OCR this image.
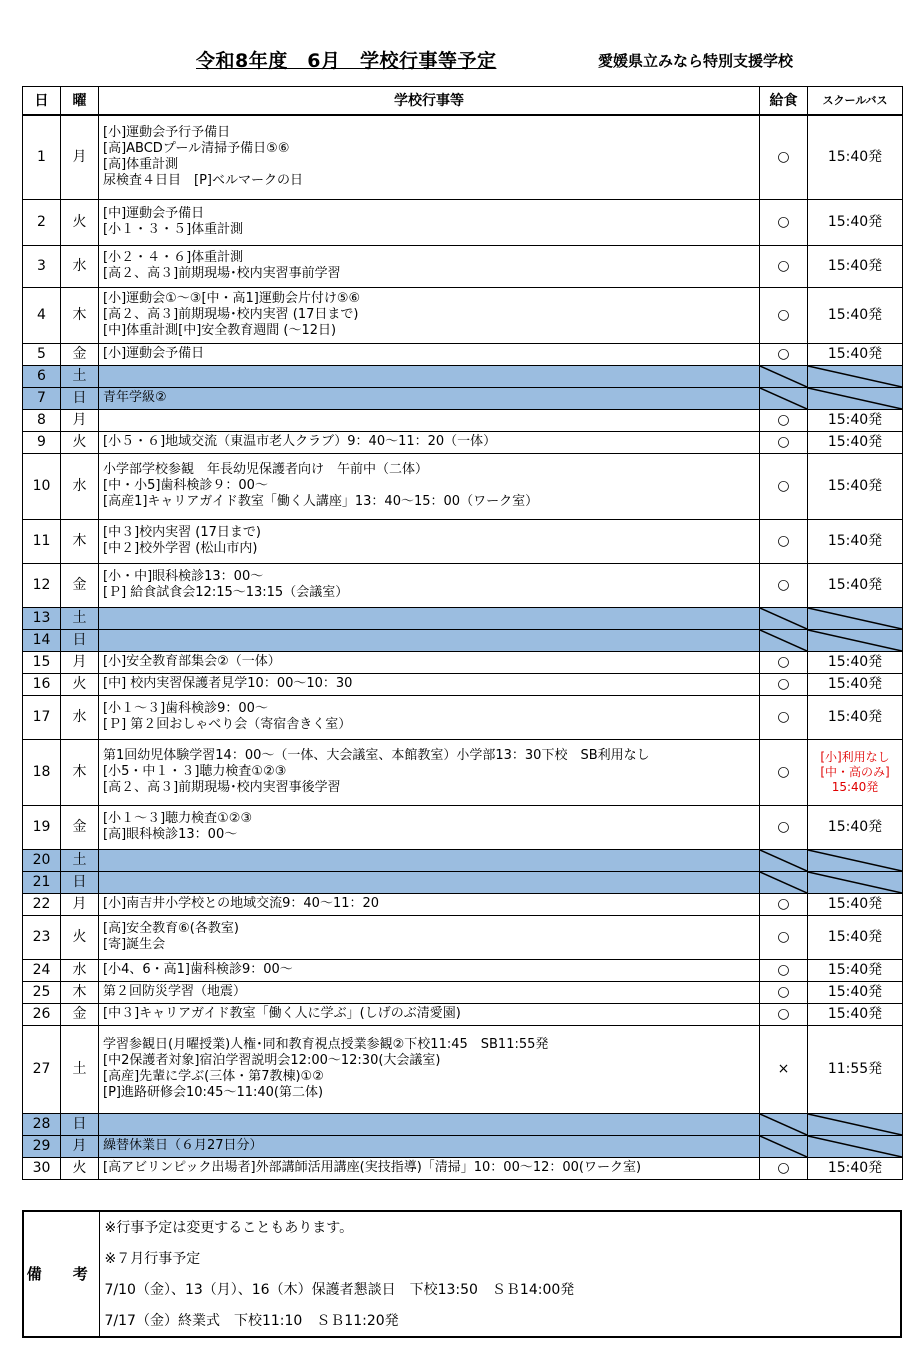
令和8年度　6月　学校行事等予定	愛媛県立みなら特別支援学校
日	曜	学校行事等	給食	スクールバス
1	月	[小]運動会予行予備日
[高]ABCDプール清掃予備日⑤⑥
[高]体重計測
尿検査４日目　[P]ベルマークの日	○	15:40発
2	火	[中]運動会予備日
[小１・３・５]体重計測	○	15:40発
3	水	[小２・４・６]体重計測
[高２、高３]前期現場･校内実習事前学習	○	15:40発
4	木	[小]運動会①～③[中・高1]運動会片付け⑤⑥
[高２、高３]前期現場･校内実習 (17日まで)
[中]体重計測[中]安全教育週間 (～12日)	○	15:40発
5	金	[小]運動会予備日	○	15:40発
6	土			
7	日	青年学級②		
8	月		○	15:40発
9	火	[小５・６]地域交流（東温市老人クラブ）9：40～11：20（一体）	○	15:40発
10	水	小学部学校参観　年長幼児保護者向け　午前中（二体）
[中・小5]歯科検診９：00～
[高産1]キャリアガイド教室「働く人講座」13：40～15：00（ワーク室）	○	15:40発
11	木	[中３]校内実習 (17日まで)
[中２]校外学習 (松山市内)	○	15:40発
12	金	[小・中]眼科検診13：00～
[Ｐ] 給食試食会12:15～13:15（会議室）	○	15:40発
13	土			
14	日			
15	月	[小]安全教育部集会②（一体）	○	15:40発
16	火	[中] 校内実習保護者見学10：00～10：30	○	15:40発
17	水	[小１～３]歯科検診9：00～
[Ｐ] 第２回おしゃべり会（寄宿舎きく室）	○	15:40発
18	木	第1回幼児体験学習14：00～（一体、大会議室、本館教室）小学部13：30下校　SB利用なし
[小5・中１・３]聴力検査①②③
[高２、高３]前期現場･校内実習事後学習	○	[小]利用なし
[中・高のみ]
15:40発
19	金	[小１～３]聴力検査①②③
[高]眼科検診13：00～	○	15:40発
20	土			
21	日			
22	月	[小]南吉井小学校との地域交流9：40～11：20	○	15:40発
23	火	[高]安全教育⑥(各教室)
[寄]誕生会	○	15:40発
24	水	[小4、6・高1]歯科検診9：00～	○	15:40発
25	木	第２回防災学習（地震）	○	15:40発
26	金	[中３]キャリアガイド教室「働く人に学ぶ」(しげのぶ清愛園)	○	15:40発
27	土	学習参観日(月曜授業)人権･同和教育視点授業参観②下校11:45　SB11:55発
[中2保護者対象]宿泊学習説明会12:00～12:30(大会議室)
[高産]先輩に学ぶ(三体・第7教棟)①②
[P]進路研修会10:45～11:40(第二体)	×	11:55発
28	日			
29	月	繰替休業日（６月27日分）		
30	火	[高アビリンピック出場者]外部講師活用講座(実技指導)「清掃」10：00～12：00(ワーク室)	○	15:40発
備　考	※行事予定は変更することもあります。
※７月行事予定
7/10（金）、13（月）、16（木）保護者懇談日　下校13:50　ＳＢ14:00発
7/17（金）終業式　下校11:10　ＳＢ11:20発
